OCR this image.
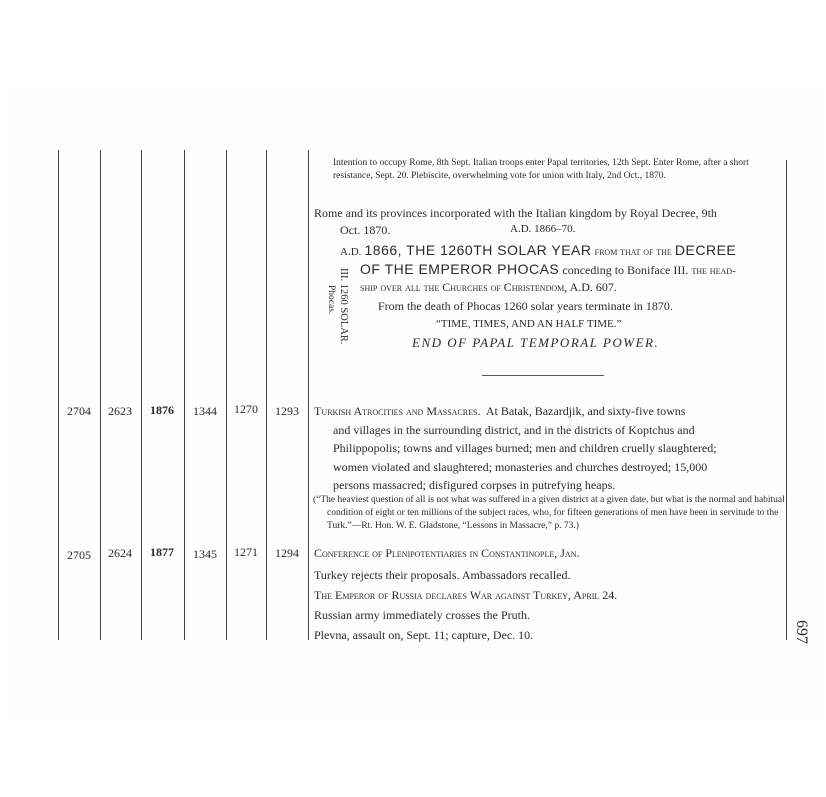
Intention to occupy Rome, 8th Sept. Italian troops enter Papal territories, 12th Sept. Enter Rome, after a short resistance, Sept. 20. Plebiscite, overwhelming vote for union with Italy, 2nd Oct., 1870.
Rome and its provinces incorporated with the Italian kingdom by Royal Decree, 9th
Oct. 1870.	A.D. 1866–70.
A.D. 1866, THE 1260TH SOLAR YEAR from that of the DECREE
OF THE EMPEROR PHOCAS conceding to Boniface III. the head-
ship over all the Churches of Christendom, A.D. 607.
From the death of Phocas 1260 solar years terminate in 1870.
“TIME, TIMES, AND AN HALF TIME.”
END OF PAPAL TEMPORAL POWER.
III. 1260 SOLAR.
Phocas.
2704	2623	1876	1344	1270	1293	Turkish Atrocities and Massacres. At Batak, Bazardjik, and sixty-five towns
and villages in the surrounding district, and in the districts of Koptchus and
Philippopolis; towns and villages burned; men and children cruelly slaughtered;
women violated and slaughtered; monasteries and churches destroyed; 15,000
persons massacred; disfigured corpses in putrefying heaps.
(“The heaviest question of all is not what was suffered in a given district at a given date, but what is the normal and habitual condition of eight or ten millions of the subject races, who, for fifteen generations of men have been in servitude to the Turk.”—Rt. Hon. W. E. Gladstone, “Lessons in Massacre,” p. 73.)
2705	2624	1877	1345	1271	1294	Conference of Plenipotentiaries in Constantinople, Jan.
Turkey rejects their proposals. Ambassadors recalled.
The Emperor of Russia declares War against Turkey, April 24.
Russian army immediately crosses the Pruth.
Plevna, assault on, Sept. 11; capture, Dec. 10.	697
